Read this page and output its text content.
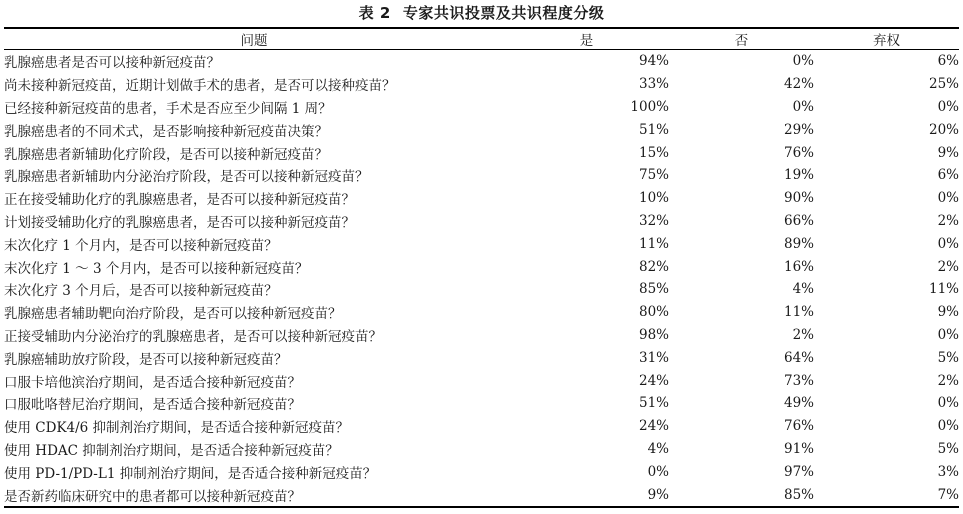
表 2 专家共识投票及共识程度分级
问题	是	否	弃权
乳腺癌患者是否可以接种新冠疫苗？	94%	0%	6%
尚未接种新冠疫苗，近期计划做手术的患者，是否可以接种疫苗？	33%	42%	25%
已经接种新冠疫苗的患者，手术是否应至少间隔 1 周？	100%	0%	0%
乳腺癌患者的不同术式，是否影响接种新冠疫苗决策？	51%	29%	20%
乳腺癌患者新辅助化疗阶段，是否可以接种新冠疫苗？	15%	76%	9%
乳腺癌患者新辅助内分泌治疗阶段，是否可以接种新冠疫苗？	75%	19%	6%
正在接受辅助化疗的乳腺癌患者，是否可以接种新冠疫苗？	10%	90%	0%
计划接受辅助化疗的乳腺癌患者，是否可以接种新冠疫苗？	32%	66%	2%
末次化疗 1 个月内，是否可以接种新冠疫苗？	11%	89%	0%
末次化疗 1 ～ 3 个月内，是否可以接种新冠疫苗？	82%	16%	2%
末次化疗 3 个月后，是否可以接种新冠疫苗？	85%	4%	11%
乳腺癌患者辅助靶向治疗阶段，是否可以接种新冠疫苗？	80%	11%	9%
正接受辅助内分泌治疗的乳腺癌患者，是否可以接种新冠疫苗？	98%	2%	0%
乳腺癌辅助放疗阶段，是否可以接种新冠疫苗？	31%	64%	5%
口服卡培他滨治疗期间，是否适合接种新冠疫苗？	24%	73%	2%
口服吡咯替尼治疗期间，是否适合接种新冠疫苗？	51%	49%	0%
使用 CDK4/6 抑制剂治疗期间，是否适合接种新冠疫苗？	24%	76%	0%
使用 HDAC 抑制剂治疗期间，是否适合接种新冠疫苗？	4%	91%	5%
使用 PD-1/PD-L1 抑制剂治疗期间，是否适合接种新冠疫苗？	0%	97%	3%
是否新药临床研究中的患者都可以接种新冠疫苗？	9%	85%	7%
